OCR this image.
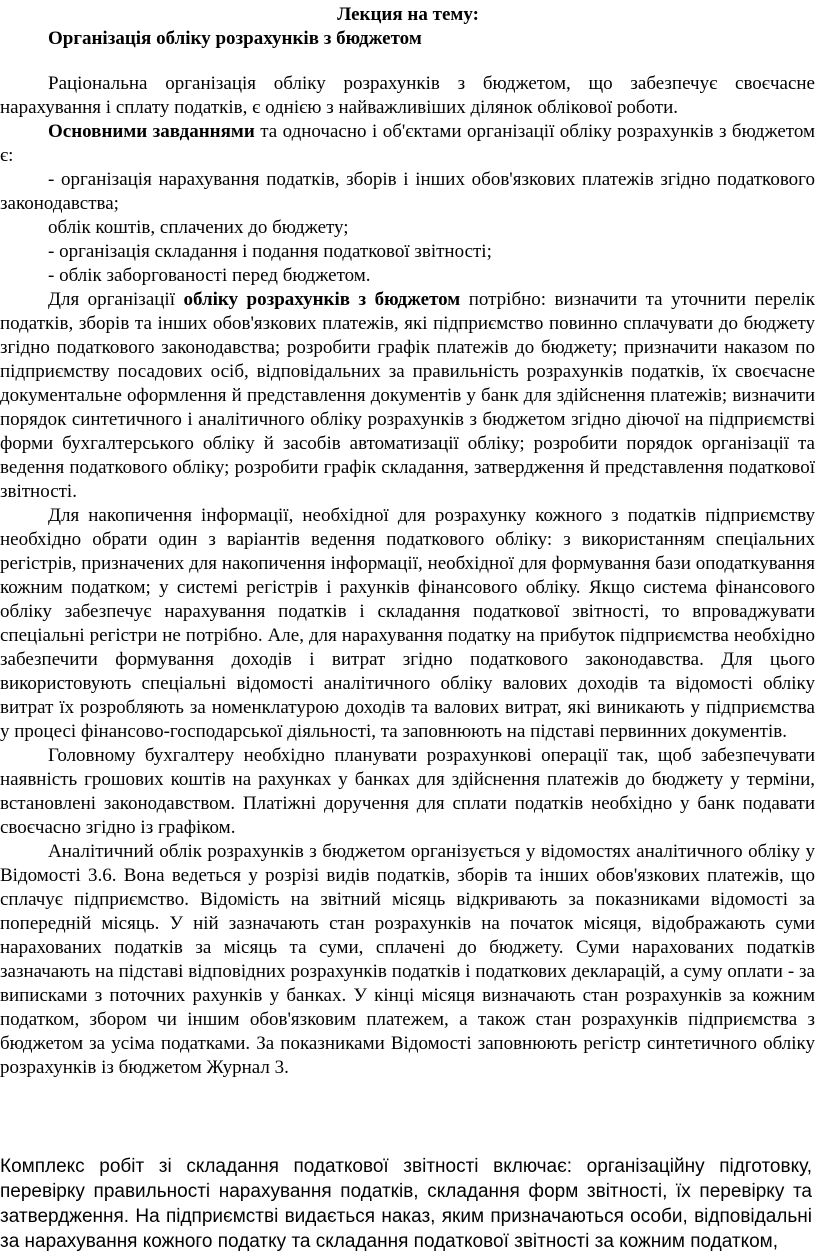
Лекция на тему:
Організація обліку розрахунків з бюджетом

Раціональна організація обліку розрахунків з бюджетом, що забезпечує своєчасне нарахування і сплату податків, є однією з найважливіших ділянок облікової роботи.

Основними завданнями та одночасно і об'єктами організації обліку розрахунків з бюджетом є:

- організація нарахування податків, зборів і інших обов'язкових платежів згідно податкового законодавства;

облік коштів, сплачених до бюджету;

- організація складання і подання податкової звітності;

- облік заборгованості перед бюджетом.

Для організації обліку розрахунків з бюджетом потрібно: визначити та уточнити перелік податків, зборів та інших обов'язкових платежів, які підприємство повинно сплачувати до бюджету згідно податкового законодавства; розробити графік платежів до бюджету; призначити наказом по підприємству посадових осіб, відповідальних за правильність розрахунків податків, їх своєчасне документальне оформлення й представлення документів у банк для здійснення платежів; визначити порядок синтетичного і аналітичного обліку розрахунків з бюджетом згідно діючої на підприємстві форми бухгалтерського обліку й засобів автоматизації обліку; розробити порядок організації та ведення податкового обліку; розробити графік складання, затвердження й представлення податкової звітності.

Для накопичення інформації, необхідної для розрахунку кожного з податків підприємству необхідно обрати один з варіантів ведення податкового обліку: з використанням спеціальних регістрів, призначених для накопичення інформації, необхідної для формування бази оподаткування кожним податком; у системі регістрів і рахунків фінансового обліку. Якщо система фінансового обліку забезпечує нарахування податків і складання податкової звітності, то впроваджувати спеціальні регістри не потрібно. Але, для нарахування податку на прибуток підприємства необхідно забезпечити формування доходів і витрат згідно податкового законодавства. Для цього використовують спеціальні відомості аналітичного обліку валових доходів та відомості обліку витрат їх розробляють за номенклатурою доходів та валових витрат, які виникають у підприємства у процесі фінансово-господарської діяльності, та заповнюють на підставі первинних документів.

Головному бухгалтеру необхідно планувати розрахункові операції так, щоб забезпечувати наявність грошових коштів на рахунках у банках для здійснення платежів до бюджету у терміни, встановлені законодавством. Платіжні доручення для сплати податків необхідно у банк подавати своєчасно згідно із графіком.

Аналітичний облік розрахунків з бюджетом організується у відомостях аналітичного обліку у Відомості 3.6. Вона ведеться у розрізі видів податків, зборів та інших обов'язкових платежів, що сплачує підприємство. Відомість на звітний місяць відкривають за показниками відомості за попередній місяць. У ній зазначають стан розрахунків на початок місяця, відображають суми нарахованих податків за місяць та суми, сплачені до бюджету. Суми нарахованих податків зазначають на підставі відповідних розрахунків податків і податкових декларацій, а суму оплати - за виписками з поточних рахунків у банках. У кінці місяця визначають стан розрахунків за кожним податком, збором чи іншим обов'язковим платежем, а також стан розрахунків підприємства з бюджетом за усіма податками. За показниками Відомості заповнюють регістр синтетичного обліку розрахунків із бюджетом Журнал 3.

Комплекс робіт зі складання податкової звітності включає: організаційну підготовку, перевірку правильності нарахування податків, складання форм звітності, їх перевірку та затвердження. На підприємстві видається наказ, яким призначаються особи, відповідальні за нарахування кожного податку та складання податкової звітності за кожним податком,
